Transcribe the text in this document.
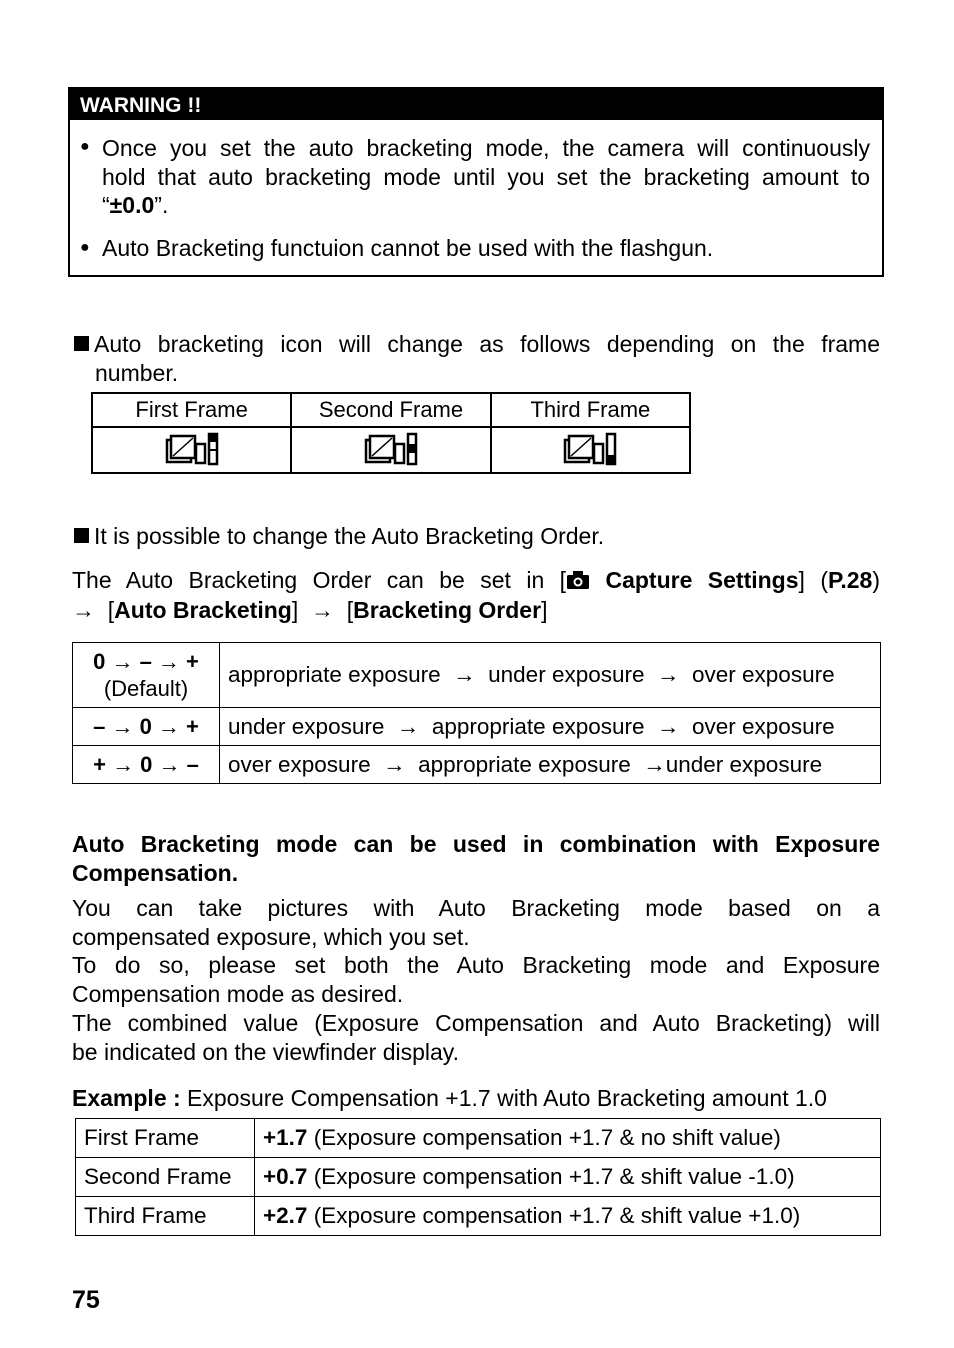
WARNING !!
● Once you set the auto bracketing mode, the camera will continuously
hold that auto bracketing mode until you set the bracketing amount to
“±0.0”.
● Auto Bracketing functuion cannot be used with the flashgun.
Auto bracketing icon will change as follows depending on the frame
number.
First Frame	Second Frame	Third Frame

It is possible to change the Auto Bracketing Order.
The Auto Bracketing Order can be set in [ Capture Settings] (P.28)
→  [Auto Bracketing]  →  [Bracketing Order]
0 → – → +
(Default)	appropriate exposure  →  under exposure  →  over exposure
– → 0 → +	under exposure  →  appropriate exposure  →  over exposure
+ → 0 → –	over exposure  →  appropriate exposure  →under exposure
Auto Bracketing mode can be used in combination with Exposure
Compensation.
You can take pictures with Auto Bracketing mode based on a
compensated exposure, which you set.
To do so, please set both the Auto Bracketing mode and Exposure
Compensation mode as desired.
The combined value (Exposure Compensation and Auto Bracketing) will
be indicated on the viewfinder display.
Example : Exposure Compensation +1.7 with Auto Bracketing amount 1.0
First Frame	+1.7 (Exposure compensation +1.7 & no shift value)
Second Frame	+0.7 (Exposure compensation +1.7 & shift value -1.0)
Third Frame	+2.7 (Exposure compensation +1.7 & shift value +1.0)
75
